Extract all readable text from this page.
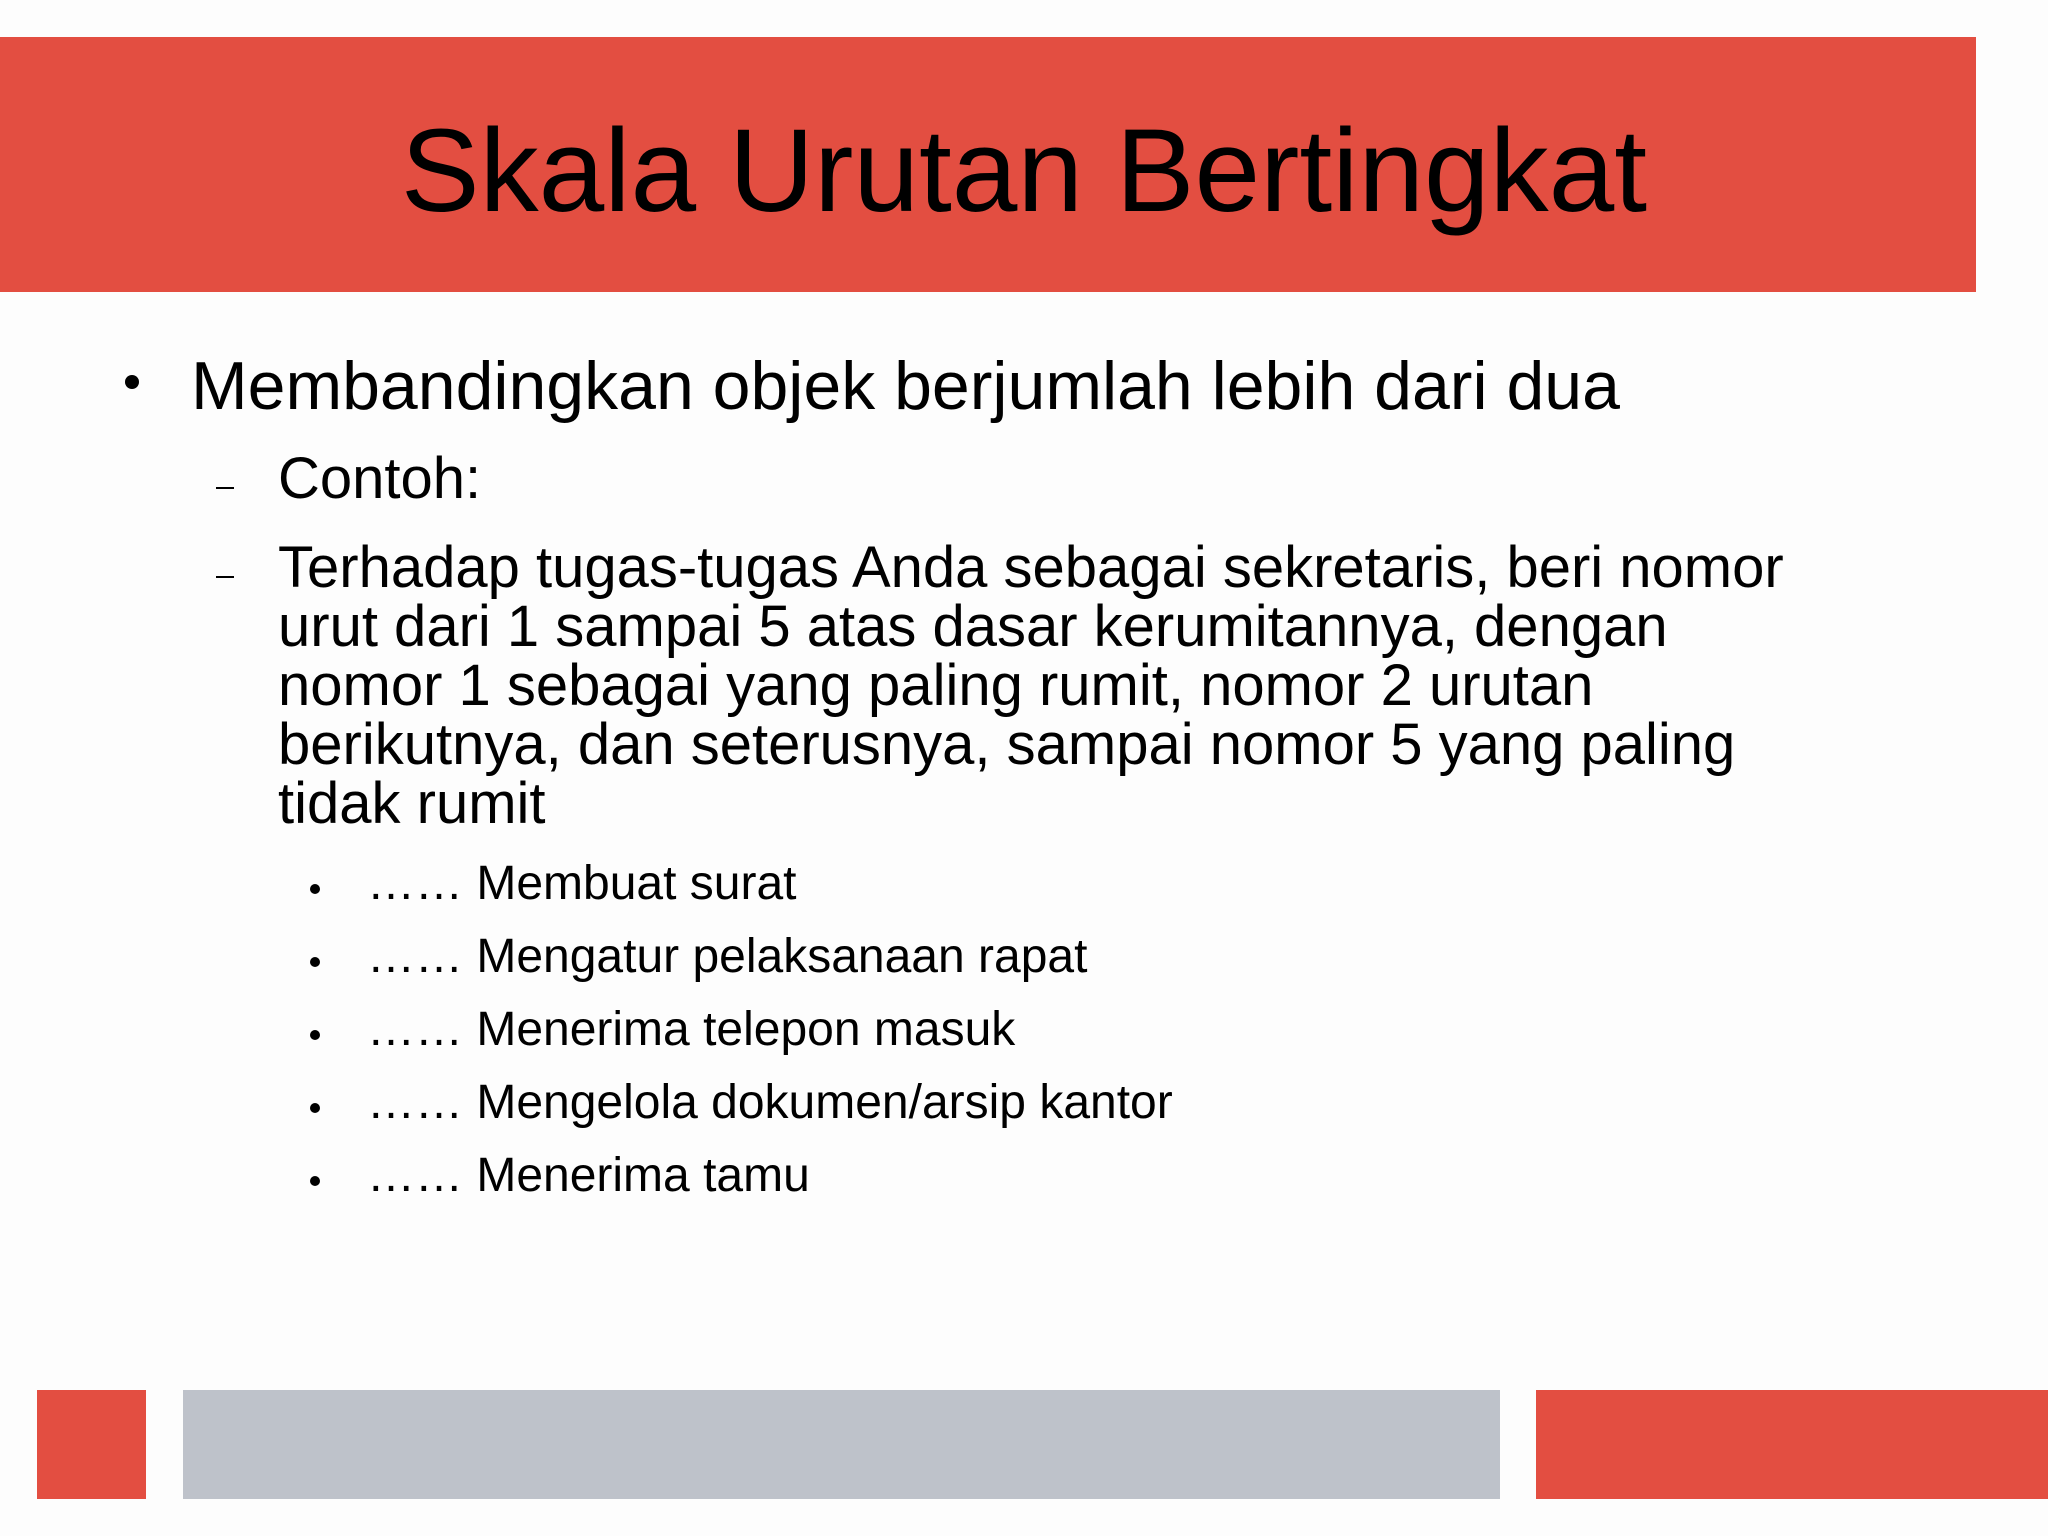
Skala Urutan Bertingkat
Membandingkan objek berjumlah lebih dari dua
Contoh:
Terhadap tugas-tugas Anda sebagai sekretaris, beri nomor
urut dari 1 sampai 5 atas dasar kerumitannya, dengan
nomor 1 sebagai yang paling rumit, nomor 2 urutan
berikutnya, dan seterusnya, sampai nomor 5 yang paling
tidak rumit
…… Membuat surat
…… Mengatur pelaksanaan rapat
…… Menerima telepon masuk
…… Mengelola dokumen/arsip kantor
…… Menerima tamu
